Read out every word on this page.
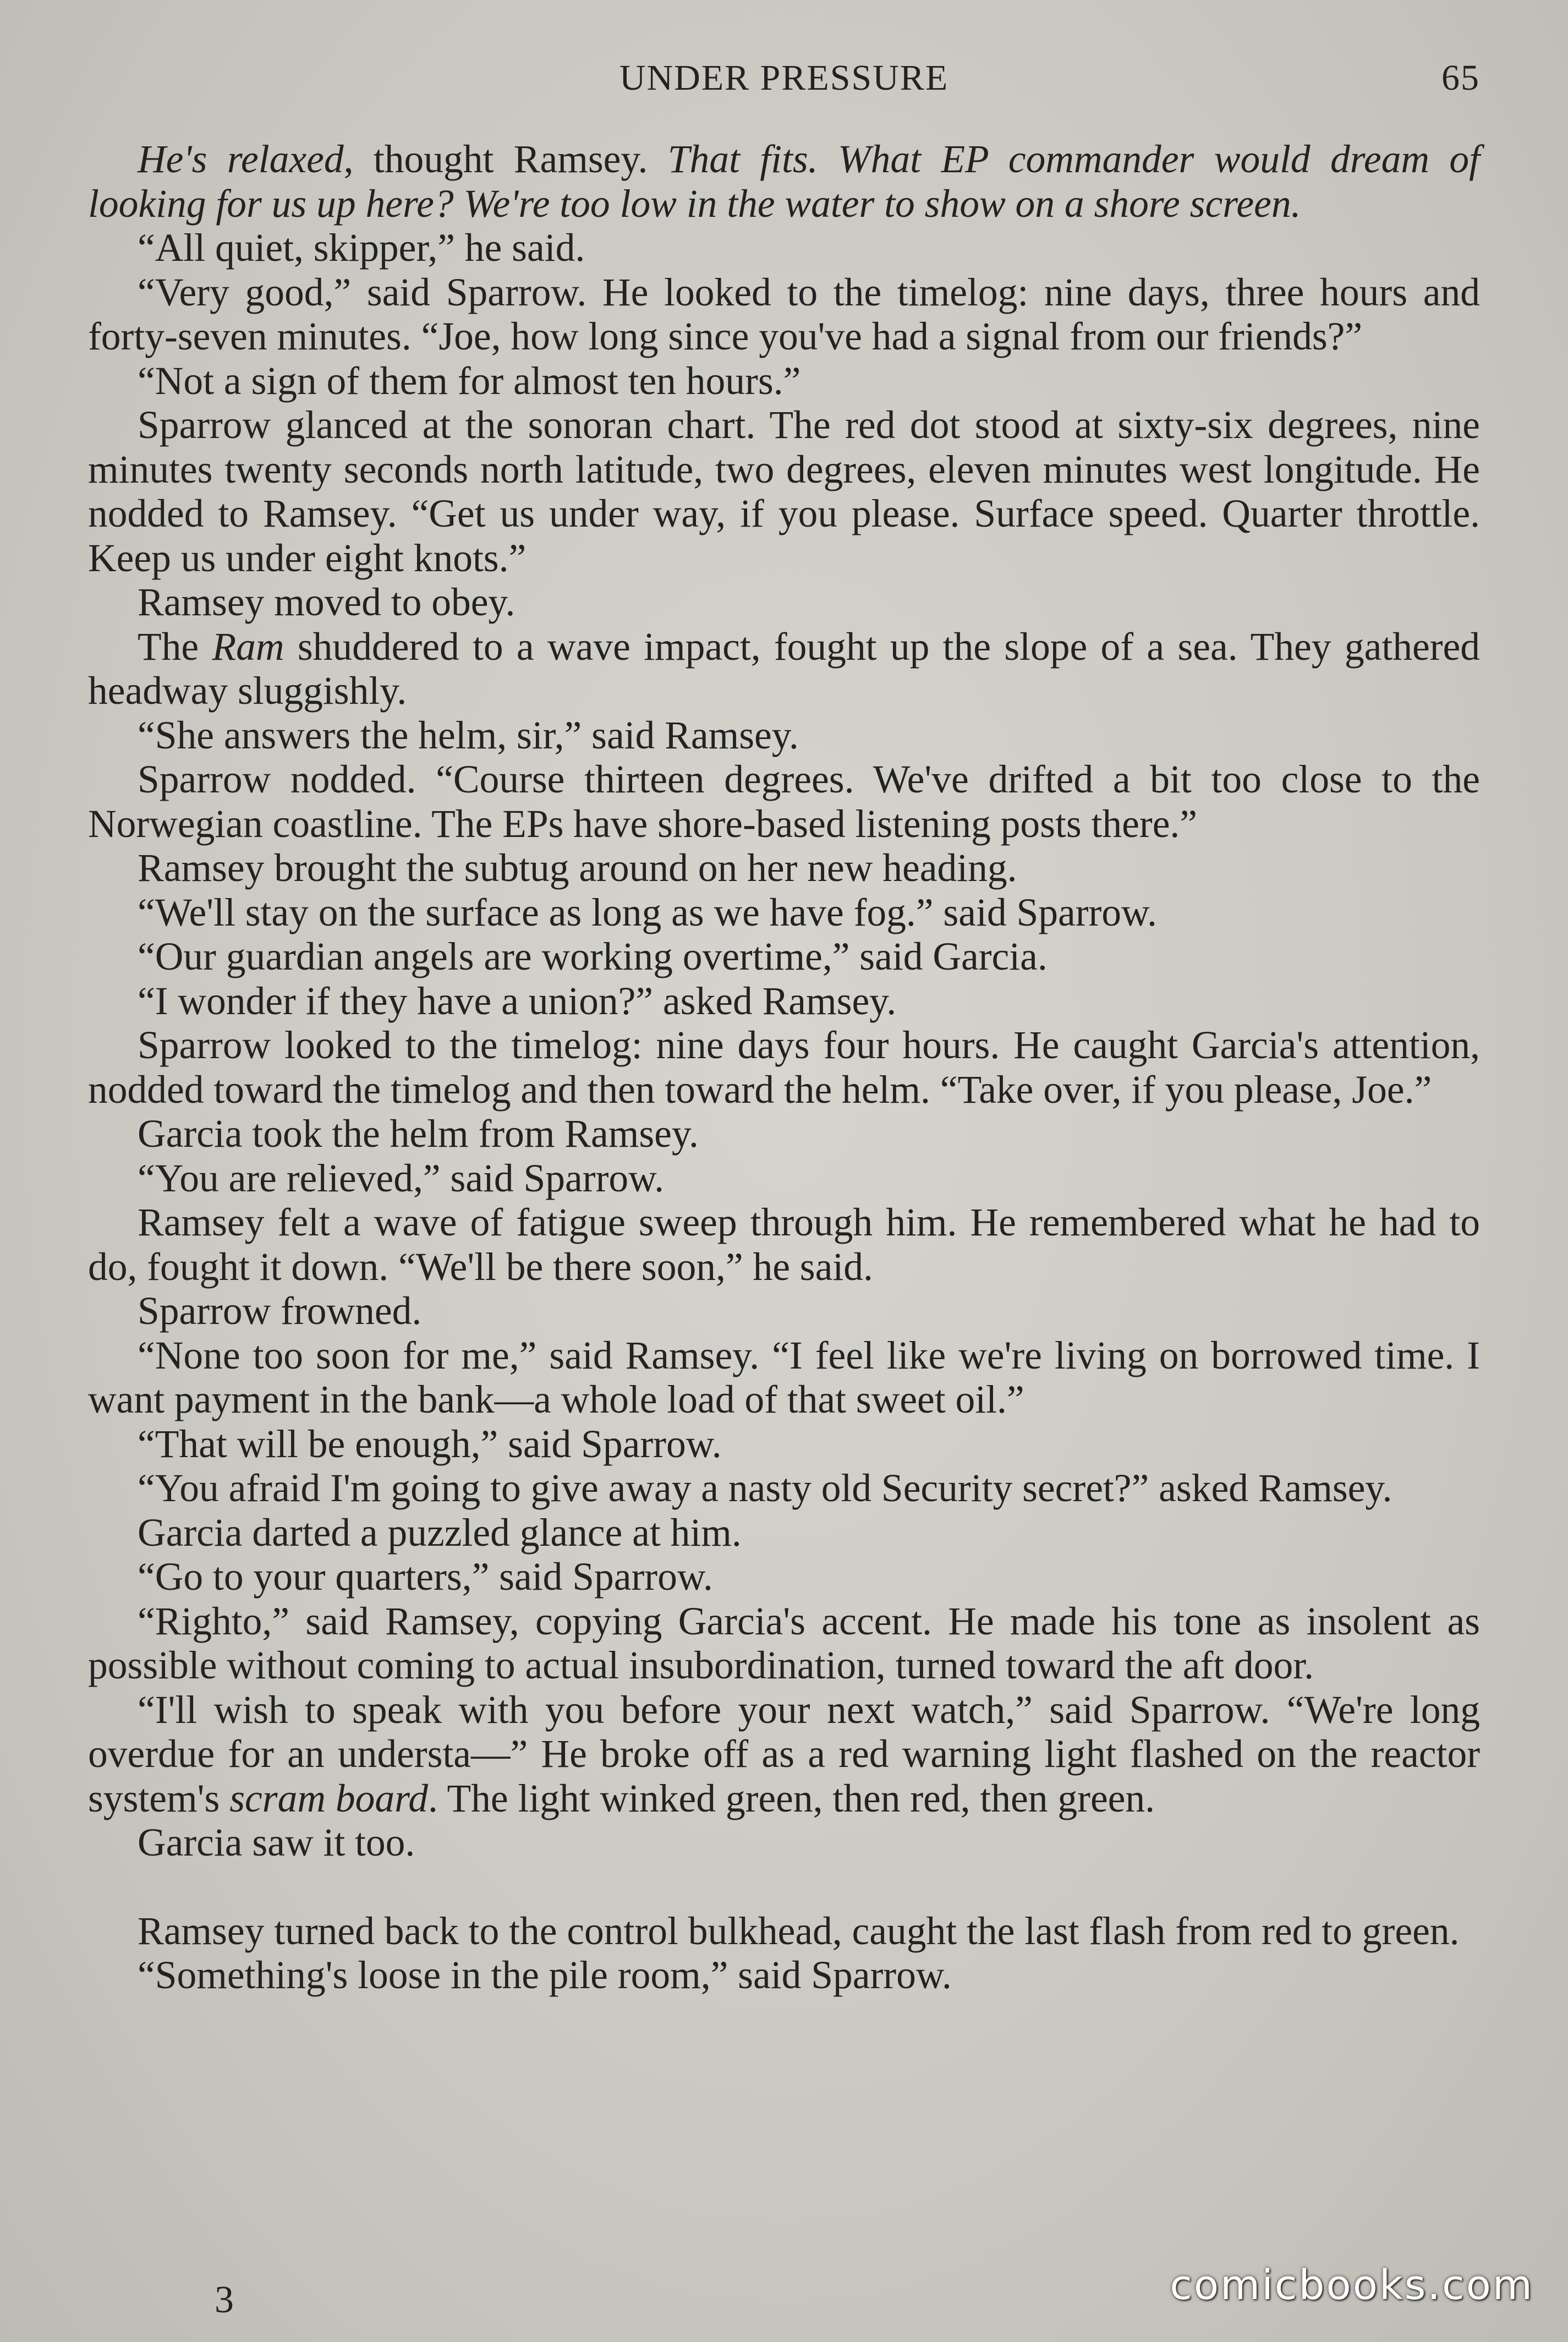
UNDER PRESSURE	65

He's relaxed, thought Ramsey. That fits. What EP commander would dream of looking for us up here? We're too low in the water to show on a shore screen.

“All quiet, skipper,” he said.

“Very good,” said Sparrow. He looked to the timelog: nine days, three hours and forty-seven minutes. “Joe, how long since you've had a signal from our friends?”

“Not a sign of them for almost ten hours.”

Sparrow glanced at the sonoran chart. The red dot stood at sixty-six degrees, nine minutes twenty seconds north latitude, two degrees, eleven minutes west longitude. He nodded to Ramsey. “Get us under way, if you please. Surface speed. Quarter throttle. Keep us under eight knots.”

Ramsey moved to obey.

The Ram shuddered to a wave impact, fought up the slope of a sea. They gathered headway sluggishly.

“She answers the helm, sir,” said Ramsey.

Sparrow nodded. “Course thirteen degrees. We've drifted a bit too close to the Norwegian coastline. The EPs have shore-based listening posts there.”

Ramsey brought the subtug around on her new heading.

“We'll stay on the surface as long as we have fog.” said Sparrow.

“Our guardian angels are working overtime,” said Garcia.

“I wonder if they have a union?” asked Ramsey.

Sparrow looked to the timelog: nine days four hours. He caught Garcia's attention, nodded toward the timelog and then toward the helm. “Take over, if you please, Joe.”

Garcia took the helm from Ramsey.

“You are relieved,” said Sparrow.

Ramsey felt a wave of fatigue sweep through him. He remembered what he had to do, fought it down. “We'll be there soon,” he said.

Sparrow frowned.

“None too soon for me,” said Ramsey. “I feel like we're living on borrowed time. I want payment in the bank—a whole load of that sweet oil.”

“That will be enough,” said Sparrow.

“You afraid I'm going to give away a nasty old Security secret?” asked Ramsey.

Garcia darted a puzzled glance at him.

“Go to your quarters,” said Sparrow.

“Righto,” said Ramsey, copying Garcia's accent. He made his tone as insolent as possible without coming to actual insubordination, turned toward the aft door.

“I'll wish to speak with you before your next watch,” said Sparrow. “We're long overdue for an understa—” He broke off as a red warning light flashed on the reactor system's scram board. The light winked green, then red, then green.

Garcia saw it too.

Ramsey turned back to the control bulkhead, caught the last flash from red to green.

“Something's loose in the pile room,” said Sparrow.

3	comicbooks.com
